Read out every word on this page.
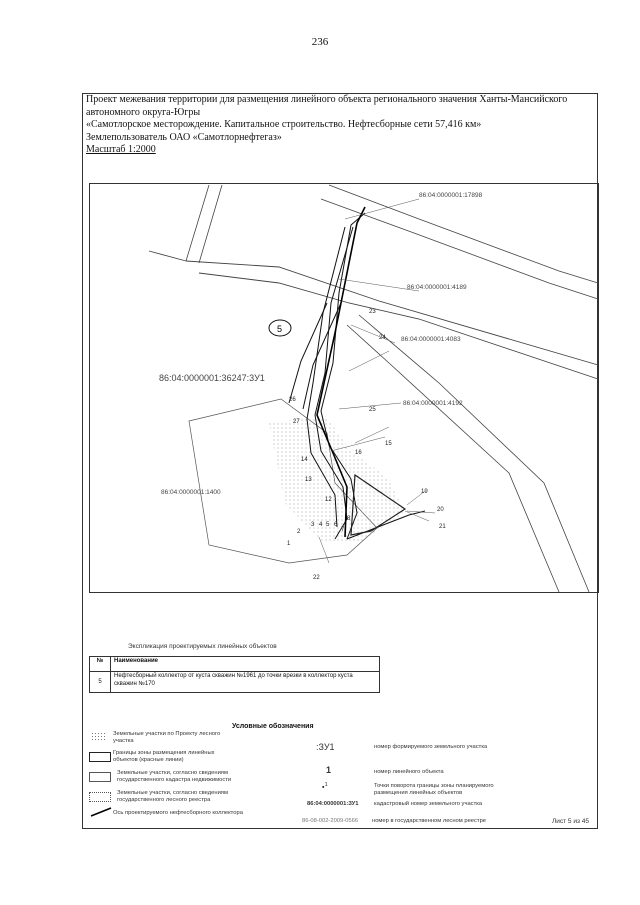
236
Проект межевания территории для размещения линейного объекта регионального значения Ханты-Мансийского
автономного округа-Югры
«Самотлорское месторождение. Капитальное строительство. Нефтесборные сети 57,416 км»
Землепользователь ОАО «Самотлорнефтегаз»
Масштаб 1:2000
86:04:0000001:17898
86:04:0000001:4189
86:04:0000001:4083
86:04:0000001:36247:3У1
86:04:0000001:4192
86:04:0000001:1400
5
1
2
3 4 5 6
7
8
12
13
14
15
16
19
20
21
22
23
24
25
26
27
Экспликация проектируемых линейных объектов
№	Наименование
5	Нефтесборный коллектор от куста скважин №1961 до точки врезки в коллектор куста скважин №170
Условные обозначения
Земельные участки по Проекту лесного участка
Границы зоны размещения линейных объектов (красные линии)
Земельные участки, согласно сведениям государственного кадастра недвижимости
Земельные участки, согласно сведениям государственного лесного реестра
Ось проектируемого нефтесборного коллектора
:ЗУ1	номер формируемого земельного участка
1	номер линейного объекта
•$^1$	Точки поворота границы зоны планируемого размещения линейных объектов
86:04:0000001:ЗУ1	кадастровый номер земельного участка
86-08-002-2009-0566 номер в государственном лесном реестре	Лист 5 из 45
